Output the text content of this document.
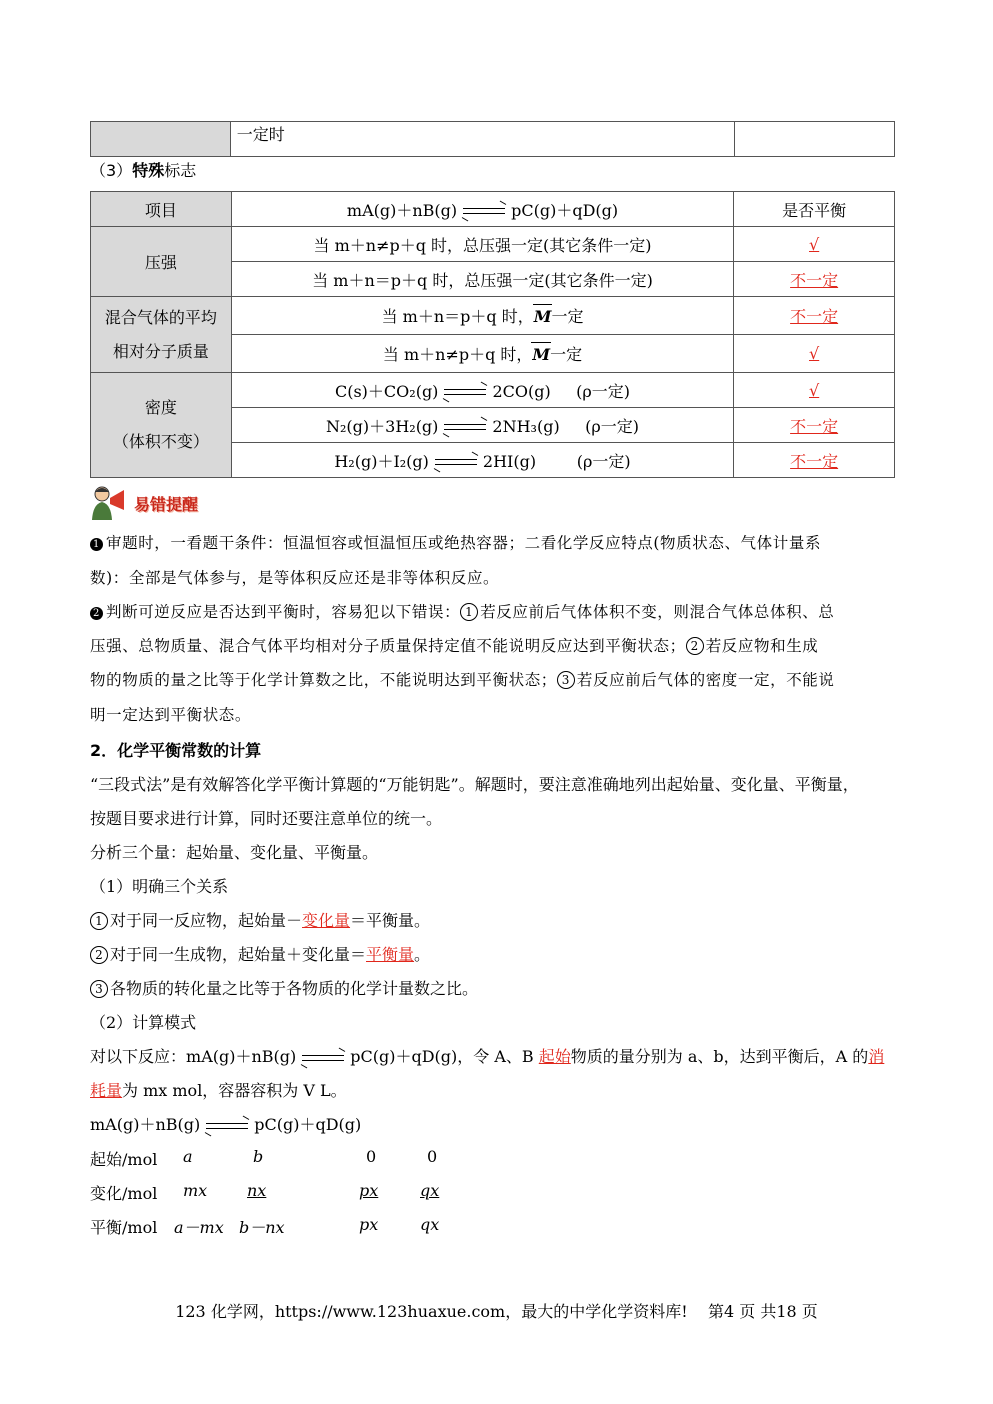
	一定时	
（3）特殊标志
项目	mA(g)＋nB(g) pC(g)＋qD(g)	是否平衡
压强	当 m＋n≠p＋q 时，总压强一定(其它条件一定)	√
	当 m＋n＝p＋q 时，总压强一定(其它条件一定)	不一定
混合气体的平均
相对分子质量	当 m＋n＝p＋q 时，M一定	不一定
	当 m＋n≠p＋q 时，M一定	√
密度
（体积不变）	C(s)＋CO₂(g) 2CO(g) (ρ一定)	√
	N₂(g)＋3H₂(g) 2NH₃(g) (ρ一定)	不一定
	H₂(g)＋I₂(g) 2HI(g) (ρ一定)	不一定
易错提醒
1 审题时，一看题干条件：恒温恒容或恒温恒压或绝热容器；二看化学反应特点(物质状态、气体计量系
数)：全部是气体参与，是等体积反应还是非等体积反应。
2 判断可逆反应是否达到平衡时，容易犯以下错误： 1 若反应前后气体体积不变，则混合气体总体积、总
压强、总物质量、混合气体平均相对分子质量保持定值不能说明反应达到平衡状态； 2 若反应物和生成
物的物质的量之比等于化学计算数之比，不能说明达到平衡状态； 3 若反应前后气体的密度一定，不能说
明一定达到平衡状态。
2．化学平衡常数的计算
“三段式法”是有效解答化学平衡计算题的“万能钥匙”。解题时，要注意准确地列出起始量、变化量、平衡量，
按题目要求进行计算，同时还要注意单位的统一。
分析三个量：起始量、变化量、平衡量。
（1）明确三个关系
1 对于同一反应物，起始量－变化量＝平衡量。
2 对于同一生成物，起始量＋变化量＝平衡量。
3 各物质的转化量之比等于各物质的化学计量数之比。
（2）计算模式
对以下反应：mA(g)＋nB(g)	pC(g)＋qD(g)，令 A、B 起始物质的量分别为 a、b，达到平衡后，A 的消
耗量为 mx mol，容器容积为 V L。
mA(g)＋nB(g)	pC(g)＋qD(g)
起始/mol a	b	0	0
变化/mol mx nx	px	qx
平衡/mol a－mx b－nx	px	qx
123 化学网，https://www.123huaxue.com，最大的中学化学资料库! 第4 页 共18 页
